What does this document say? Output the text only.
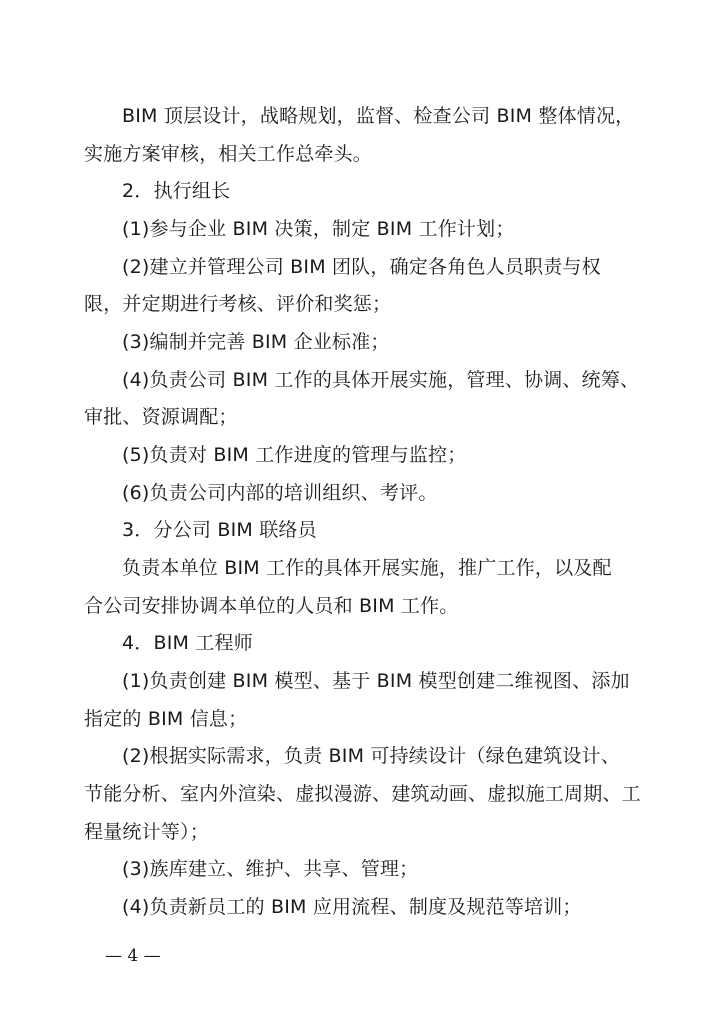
BIM 顶层设计，战略规划，监督、检查公司 BIM 整体情况，
实施方案审核，相关工作总牵头。
2．执行组长
(1)参与企业 BIM 决策，制定 BIM 工作计划；
(2)建立并管理公司 BIM 团队，确定各角色人员职责与权
限，并定期进行考核、评价和奖惩；
(3)编制并完善 BIM 企业标准；
(4)负责公司 BIM 工作的具体开展实施，管理、协调、统筹、
审批、资源调配；
(5)负责对 BIM 工作进度的管理与监控；
(6)负责公司内部的培训组织、考评。
3．分公司 BIM 联络员
负责本单位 BIM 工作的具体开展实施，推广工作，以及配
合公司安排协调本单位的人员和 BIM 工作。
4．BIM 工程师
(1)负责创建 BIM 模型、基于 BIM 模型创建二维视图、添加
指定的 BIM 信息；
(2)根据实际需求，负责 BIM 可持续设计（绿色建筑设计、
节能分析、室内外渲染、虚拟漫游、建筑动画、虚拟施工周期、工
程量统计等）；
(3)族库建立、维护、共享、管理；
(4)负责新员工的 BIM 应用流程、制度及规范等培训；
— 4 —
